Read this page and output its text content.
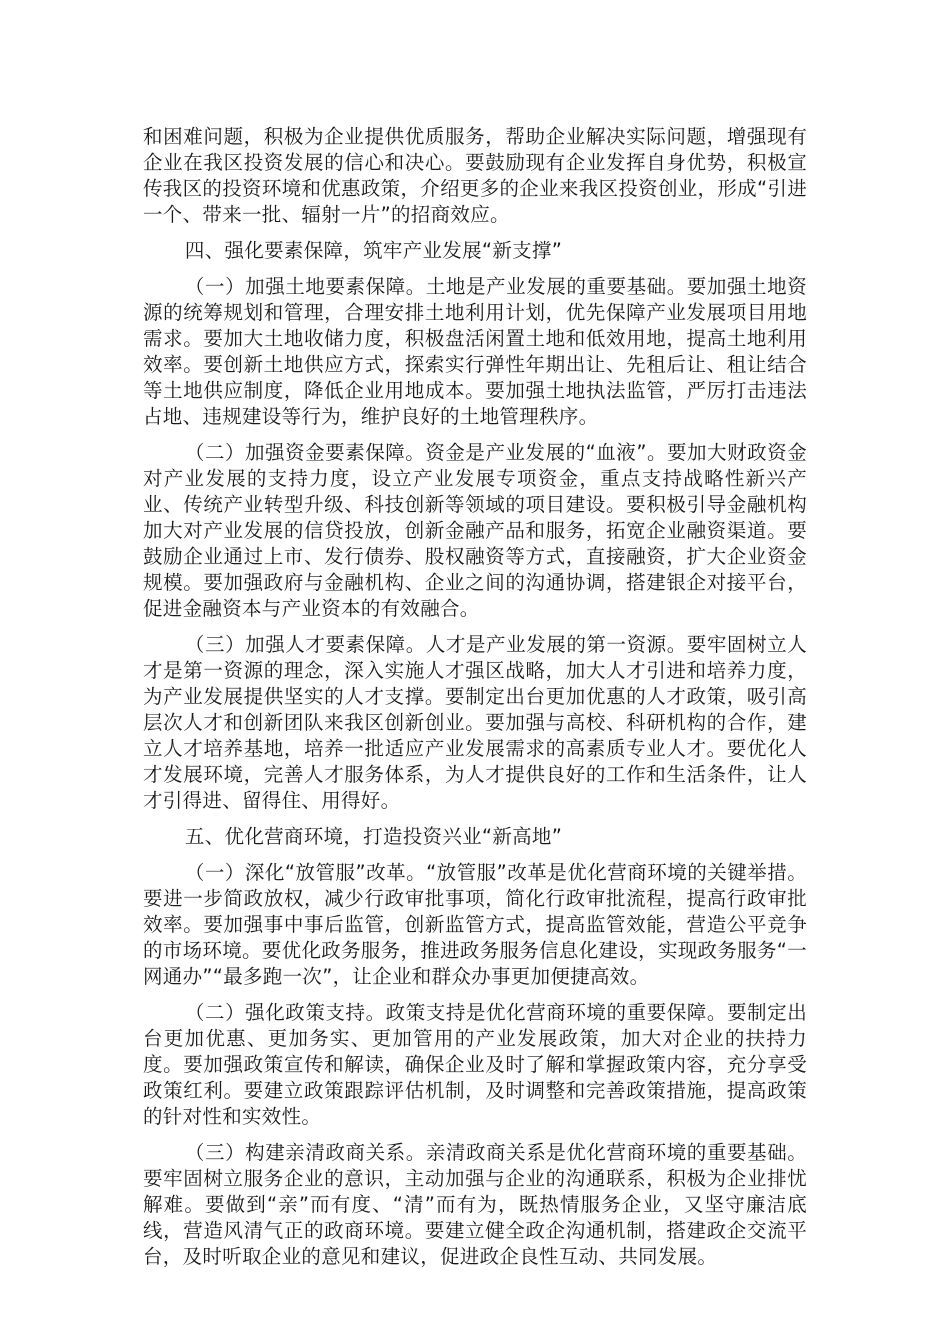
和困难问题，积极为企业提供优质服务，帮助企业解决实际问题，增强现有企业在我区投资发展的信心和决心。要鼓励现有企业发挥自身优势，积极宣传我区的投资环境和优惠政策，介绍更多的企业来我区投资创业，形成“引进一个、带来一批、辐射一片”的招商效应。

四、强化要素保障，筑牢产业发展“新支撑”

（一）加强土地要素保障。土地是产业发展的重要基础。要加强土地资源的统筹规划和管理，合理安排土地利用计划，优先保障产业发展项目用地需求。要加大土地收储力度，积极盘活闲置土地和低效用地，提高土地利用效率。要创新土地供应方式，探索实行弹性年期出让、先租后让、租让结合等土地供应制度，降低企业用地成本。要加强土地执法监管，严厉打击违法占地、违规建设等行为，维护良好的土地管理秩序。

（二）加强资金要素保障。资金是产业发展的“血液”。要加大财政资金对产业发展的支持力度，设立产业发展专项资金，重点支持战略性新兴产业、传统产业转型升级、科技创新等领域的项目建设。要积极引导金融机构加大对产业发展的信贷投放，创新金融产品和服务，拓宽企业融资渠道。要鼓励企业通过上市、发行债券、股权融资等方式，直接融资，扩大企业资金规模。要加强政府与金融机构、企业之间的沟通协调，搭建银企对接平台，促进金融资本与产业资本的有效融合。

（三）加强人才要素保障。人才是产业发展的第一资源。要牢固树立人才是第一资源的理念，深入实施人才强区战略，加大人才引进和培养力度，为产业发展提供坚实的人才支撑。要制定出台更加优惠的人才政策，吸引高层次人才和创新团队来我区创新创业。要加强与高校、科研机构的合作，建立人才培养基地，培养一批适应产业发展需求的高素质专业人才。要优化人才发展环境，完善人才服务体系，为人才提供良好的工作和生活条件，让人才引得进、留得住、用得好。

五、优化营商环境，打造投资兴业“新高地”

（一）深化“放管服”改革。“放管服”改革是优化营商环境的关键举措。要进一步简政放权，减少行政审批事项，简化行政审批流程，提高行政审批效率。要加强事中事后监管，创新监管方式，提高监管效能，营造公平竞争的市场环境。要优化政务服务，推进政务服务信息化建设，实现政务服务“一网通办”“最多跑一次”，让企业和群众办事更加便捷高效。

（二）强化政策支持。政策支持是优化营商环境的重要保障。要制定出台更加优惠、更加务实、更加管用的产业发展政策，加大对企业的扶持力度。要加强政策宣传和解读，确保企业及时了解和掌握政策内容，充分享受政策红利。要建立政策跟踪评估机制，及时调整和完善政策措施，提高政策的针对性和实效性。

（三）构建亲清政商关系。亲清政商关系是优化营商环境的重要基础。要牢固树立服务企业的意识，主动加强与企业的沟通联系，积极为企业排忧解难。要做到“亲”而有度、“清”而有为，既热情服务企业，又坚守廉洁底线，营造风清气正的政商环境。要建立健全政企沟通机制，搭建政企交流平台，及时听取企业的意见和建议，促进政企良性互动、共同发展。
